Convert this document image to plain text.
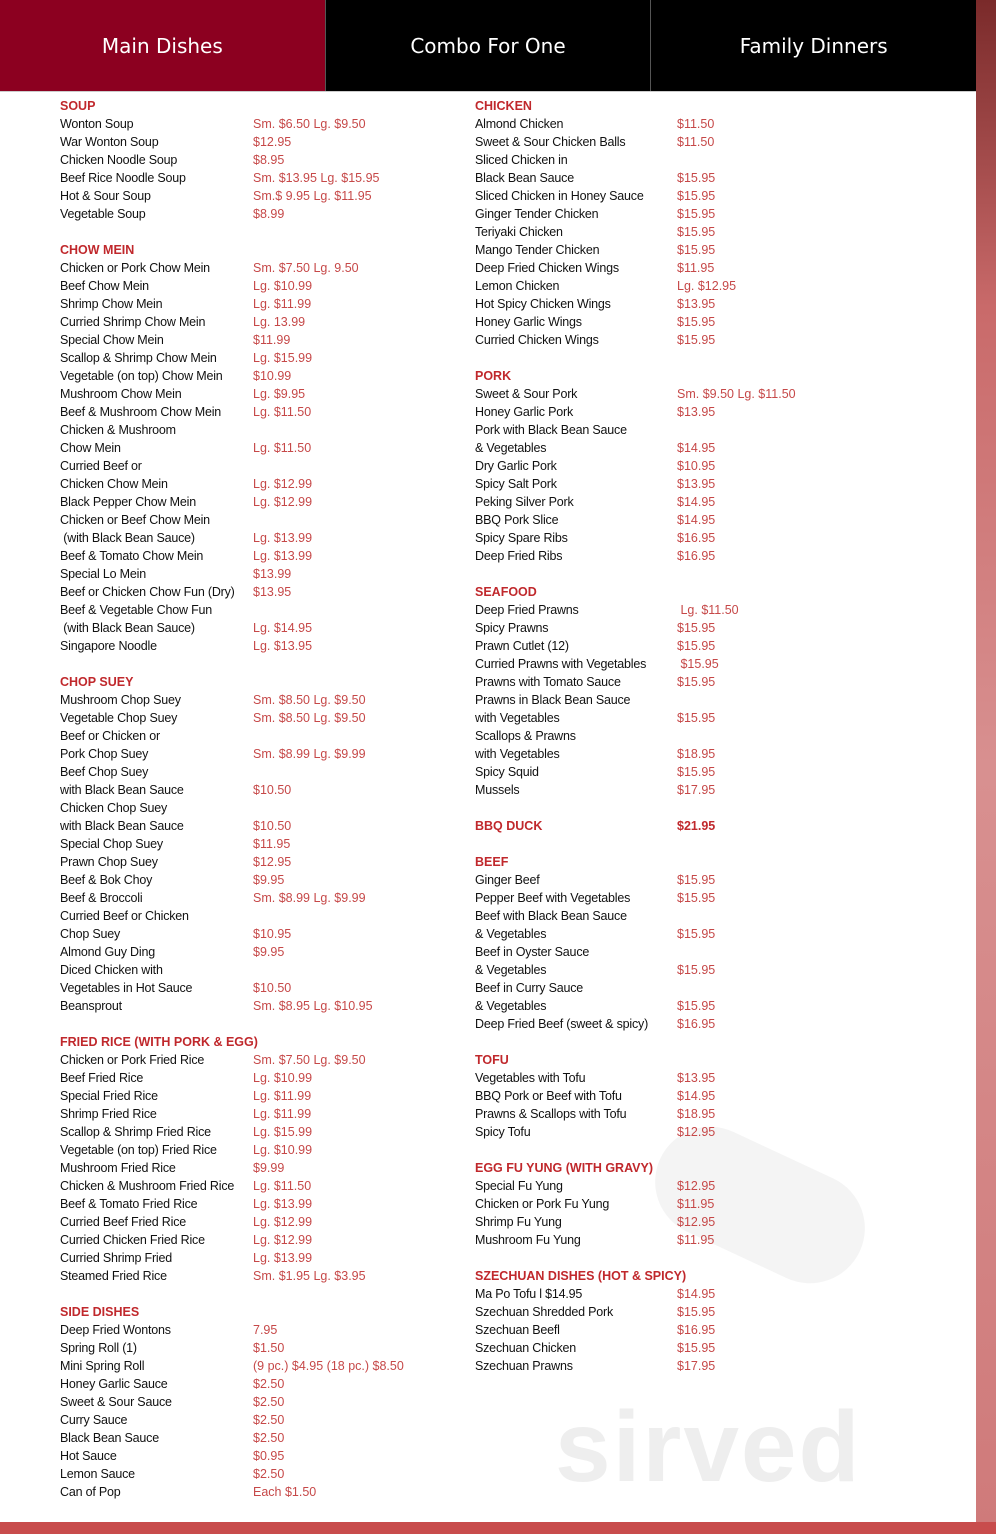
sirved
Main Dishes	Combo For One	Family Dinners
SOUP
Wonton Soup	Sm. $6.50 Lg. $9.50
War Wonton Soup	$12.95
Chicken Noodle Soup	$8.95
Beef Rice Noodle Soup	Sm. $13.95 Lg. $15.95
Hot & Sour Soup	Sm.$ 9.95 Lg. $11.95
Vegetable Soup	$8.99
CHOW MEIN
Chicken or Pork Chow Mein	Sm. $7.50 Lg. 9.50
Beef Chow Mein	Lg. $10.99
Shrimp Chow Mein	Lg. $11.99
Curried Shrimp Chow Mein	Lg. 13.99
Special Chow Mein	$11.99
Scallop & Shrimp Chow Mein	Lg. $15.99
Vegetable (on top) Chow Mein $10.99
Mushroom Chow Mein	Lg. $9.95
Beef & Mushroom Chow Mein	Lg. $11.50
Chicken & Mushroom
Chow Mein	Lg. $11.50
Curried Beef or
Chicken Chow Mein	Lg. $12.99
Black Pepper Chow Mein	Lg. $12.99
Chicken or Beef Chow Mein
(with Black Bean Sauce)	Lg. $13.99
Beef & Tomato Chow Mein	Lg. $13.99
Special Lo Mein	$13.99
Beef or Chicken Chow Fun (Dry) $13.95
Beef & Vegetable Chow Fun
(with Black Bean Sauce)	Lg. $14.95
Singapore Noodle	Lg. $13.95
CHOP SUEY
Mushroom Chop Suey	Sm. $8.50 Lg. $9.50
Vegetable Chop Suey	Sm. $8.50 Lg. $9.50
Beef or Chicken or
Pork Chop Suey	Sm. $8.99 Lg. $9.99
Beef Chop Suey
with Black Bean Sauce	$10.50
Chicken Chop Suey
with Black Bean Sauce	$10.50
Special Chop Suey	$11.95
Prawn Chop Suey	$12.95
Beef & Bok Choy	$9.95
Beef & Broccoli	Sm. $8.99 Lg. $9.99
Curried Beef or Chicken
Chop Suey	$10.95
Almond Guy Ding	$9.95
Diced Chicken with
Vegetables in Hot Sauce	$10.50
Beansprout	Sm. $8.95 Lg. $10.95
FRIED RICE (WITH PORK & EGG)
Chicken or Pork Fried Rice	Sm. $7.50 Lg. $9.50
Beef Fried Rice	Lg. $10.99
Special Fried Rice	Lg. $11.99
Shrimp Fried Rice	Lg. $11.99
Scallop & Shrimp Fried Rice	Lg. $15.99
Vegetable (on top) Fried Rice	Lg. $10.99
Mushroom Fried Rice	$9.99
Chicken & Mushroom Fried Rice Lg. $11.50
Beef & Tomato Fried Rice	Lg. $13.99
Curried Beef Fried Rice	Lg. $12.99
Curried Chicken Fried Rice	Lg. $12.99
Curried Shrimp Fried	Lg. $13.99
Steamed Fried Rice	Sm. $1.95 Lg. $3.95
SIDE DISHES
Deep Fried Wontons	7.95
Spring Roll (1)	$1.50
Mini Spring Roll	(9 pc.) $4.95 (18 pc.) $8.50
Honey Garlic Sauce	$2.50
Sweet & Sour Sauce	$2.50
Curry Sauce	$2.50
Black Bean Sauce	$2.50
Hot Sauce	$0.95
Lemon Sauce	$2.50
Can of Pop	Each $1.50
CHICKEN
Almond Chicken	$11.50
Sweet & Sour Chicken Balls	$11.50
Sliced Chicken in
Black Bean Sauce	$15.95
Sliced Chicken in Honey Sauce	$15.95
Ginger Tender Chicken	$15.95
Teriyaki Chicken	$15.95
Mango Tender Chicken	$15.95
Deep Fried Chicken Wings	$11.95
Lemon Chicken	Lg. $12.95
Hot Spicy Chicken Wings	$13.95
Honey Garlic Wings	$15.95
Curried Chicken Wings	$15.95
PORK
Sweet & Sour Pork	Sm. $9.50 Lg. $11.50
Honey Garlic Pork	$13.95
Pork with Black Bean Sauce
& Vegetables	$14.95
Dry Garlic Pork	$10.95
Spicy Salt Pork	$13.95
Peking Silver Pork	$14.95
BBQ Pork Slice	$14.95
Spicy Spare Ribs	$16.95
Deep Fried Ribs	$16.95
SEAFOOD
Deep Fried Prawns	Lg. $11.50
Spicy Prawns	$15.95
Prawn Cutlet (12)	$15.95
Curried Prawns with Vegetables $15.95
Prawns with Tomato Sauce	$15.95
Prawns in Black Bean Sauce
with Vegetables	$15.95
Scallops & Prawns
with Vegetables	$18.95
Spicy Squid	$15.95
Mussels	$17.95
BBQ DUCK	$21.95
BEEF
Ginger Beef	$15.95
Pepper Beef with Vegetables	$15.95
Beef with Black Bean Sauce
& Vegetables	$15.95
Beef in Oyster Sauce
& Vegetables	$15.95
Beef in Curry Sauce
& Vegetables	$15.95
Deep Fried Beef (sweet & spicy) $16.95
TOFU
Vegetables with Tofu	$13.95
BBQ Pork or Beef with Tofu	$14.95
Prawns & Scallops with Tofu	$18.95
Spicy Tofu	$12.95
EGG FU YUNG (WITH GRAVY)
Special Fu Yung	$12.95
Chicken or Pork Fu Yung	$11.95
Shrimp Fu Yung	$12.95
Mushroom Fu Yung	$11.95
SZECHUAN DISHES (HOT & SPICY)
Ma Po Tofu l $14.95	$14.95
Szechuan Shredded Pork	$15.95
Szechuan Beefl	$16.95
Szechuan Chicken	$15.95
Szechuan Prawns	$17.95
